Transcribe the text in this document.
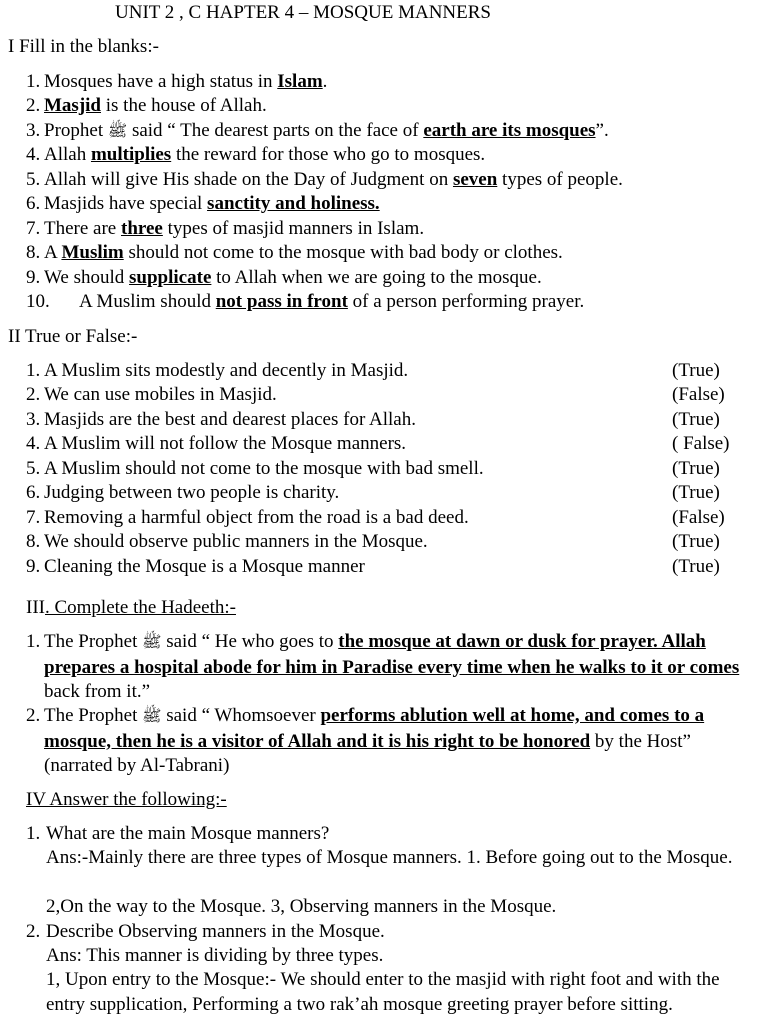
UNIT 2 , C HAPTER 4 – MOSQUE MANNERS
I Fill in the blanks:-
1. Mosques have a high status in Islam.
2. Masjid is the house of Allah.
3. Prophet ﷺ said “ The dearest parts on the face of earth are its mosques”.
4. Allah multiplies the reward for those who go to mosques.
5. Allah will give His shade on the Day of Judgment on seven types of people.
6. Masjids have special sanctity and holiness.
7. There are three types of masjid manners in Islam.
8. A Muslim should not come to the mosque with bad body or clothes.
9. We should supplicate to Allah when we are going to the mosque.
10. A Muslim should not pass in front of a person performing prayer.
II True or False:-
1. A Muslim sits modestly and decently in Masjid.	(True)
2. We can use mobiles in Masjid.	(False)
3. Masjids are the best and dearest places for Allah.	(True)
4. A Muslim will not follow the Mosque manners.	( False)
5. A Muslim should not come to the mosque with bad smell.	(True)
6. Judging between two people is charity.	(True)
7. Removing a harmful object from the road is a bad deed.	(False)
8. We should observe public manners in the Mosque.	(True)
9. Cleaning the Mosque is a Mosque manner	(True)
III. Complete the Hadeeth:-
1. The Prophet ﷺ said “ He who goes to the mosque at dawn or dusk for prayer. Allah prepares a hospital abode for him in Paradise every time when he walks to it or comes back from it.”
2. The Prophet ﷺ said “ Whomsoever performs ablution well at home, and comes to a mosque, then he is a visitor of Allah and it is his right to be honored by the Host” (narrated by Al-Tabrani)
IV Answer the following:-
1. What are the main Mosque manners?
Ans:-Mainly there are three types of Mosque manners. 1. Before going out to the Mosque.
2,On the way to the Mosque. 3, Observing manners in the Mosque.
2. Describe Observing manners in the Mosque.
Ans: This manner is dividing by three types.
1, Upon entry to the Mosque:- We should enter to the masjid with right foot and with the entry supplication, Performing a two rak’ah mosque greeting prayer before sitting.
